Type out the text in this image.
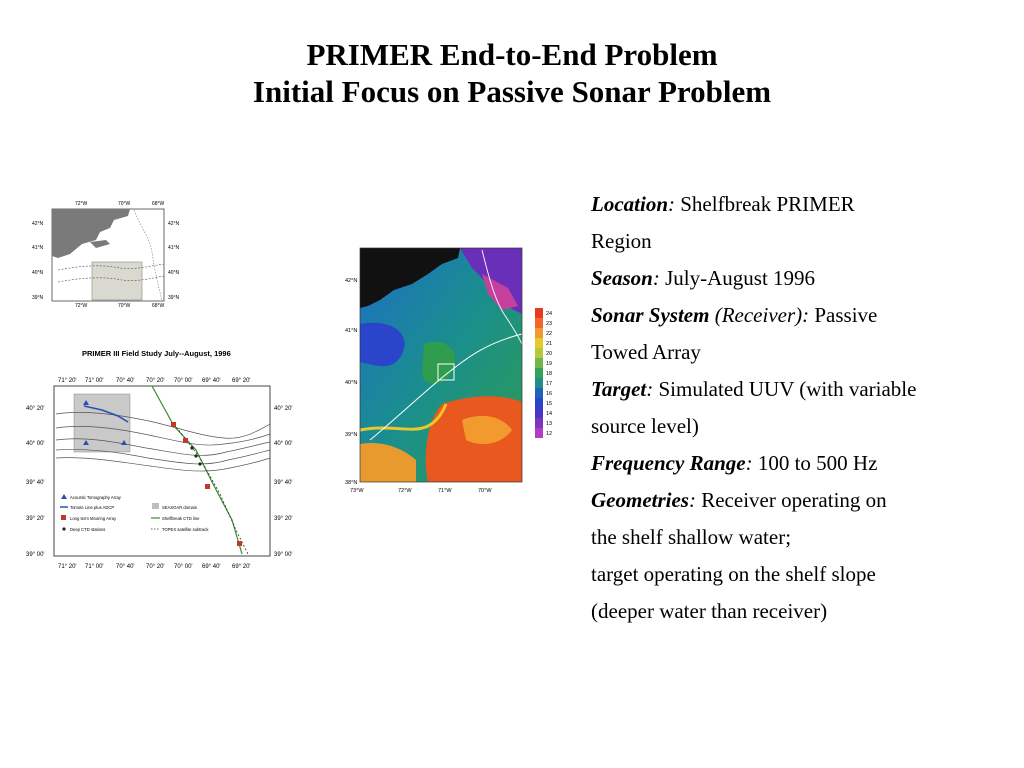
PRIMER End-to-End Problem
Initial Focus on Passive Sonar Problem
72°W	70°W	68°W
42°N
41°N
40°N
39°N
42°N
41°N
40°N
39°N
72°W	70°W	68°W
PRIMER III Field Study July--August, 1996
71° 20' 71° 00' 70° 40' 70° 20' 70° 00' 69° 40' 69° 20'
40° 20'
40° 00'
39° 40'
39° 20'
39° 00'
40° 20'
40° 00'
39° 40'
39° 20'
39° 00'
Acoustic Tomography Array
Tomote Line plus ADCP
Long term Mooring Array
Deep CTD stations
SEASOAR domain
Shelfbreak CTD line
TOPEX satellite subtrack
71° 20' 71° 00' 70° 40' 70° 20' 70° 00' 69° 40' 69° 20'
42°N
41°N
40°N
39°N
38°N
73°W	72°W	71°W	70°W
24
23
22
21
20
19
18
17
16
15
14
13
12

Location: Shelfbreak PRIMER

Region

Season: July-August 1996

Sonar System (Receiver): Passive

Towed Array

Target: Simulated UUV (with variable

source level)

Frequency Range: 100 to 500 Hz

Geometries: Receiver operating on

the shelf shallow water;

target operating on the shelf slope

(deeper water than receiver)
